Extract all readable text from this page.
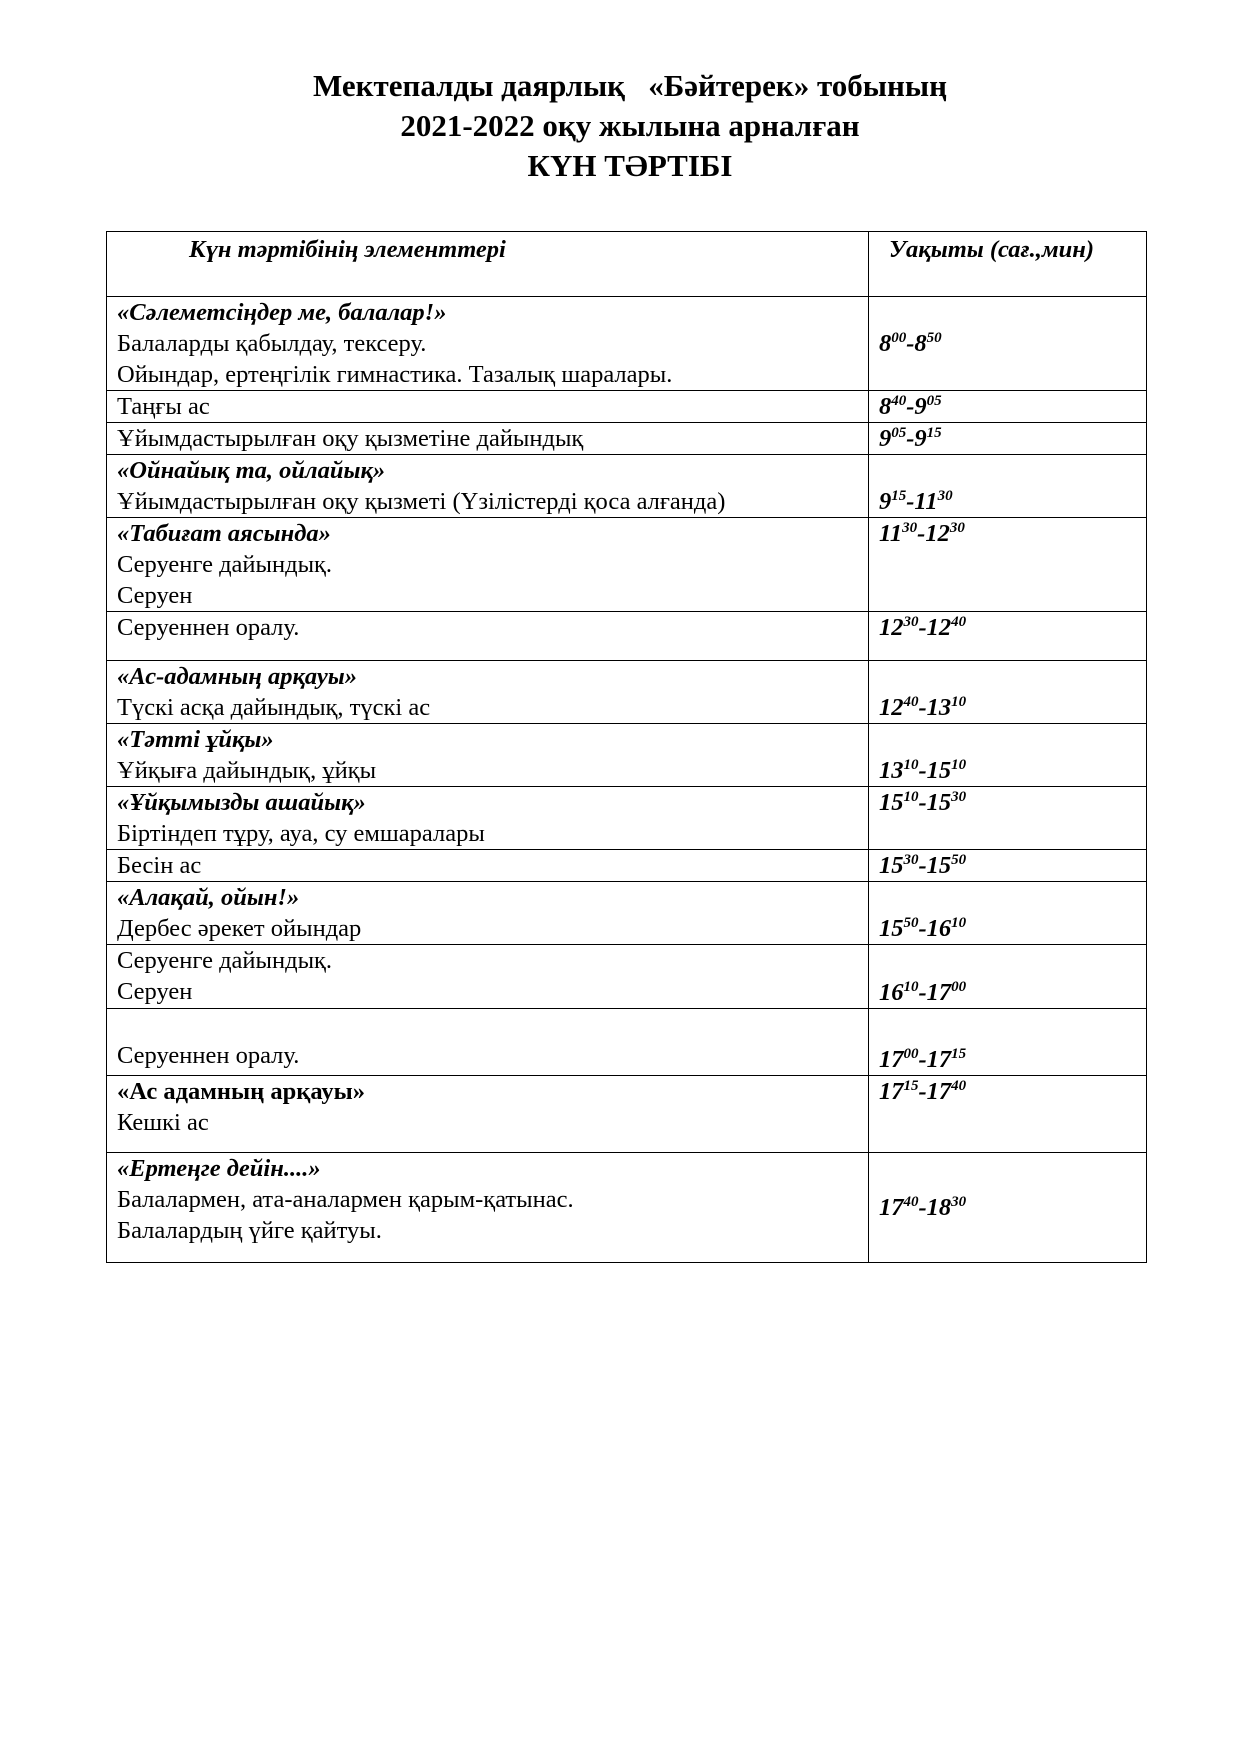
Мектепалды даярлық   «Бәйтерек» тобының
2021-2022 оқу жылына арналған
КҮН ТӘРТІБІ
Күн тәртібінің элементтері	Уақыты (сағ.,мин)

«Сәлеметсіңдер ме, балалар!»
Балаларды қабылдау, тексеру.
Ойындар, ертеңгілік гимнастика. Тазалық шаралары.	$8^{00}-8^{50}$

Таңғы ас	$8^{40}-9^{05}$

Ұйымдастырылған оқу қызметіне дайындық	$9^{05}-9^{15}$

«Ойнайық та, ойлайық»
Ұйымдастырылған оқу қызметі (Үзілістерді қоса алғанда)	$9^{15}-11^{30}$

«Табиғат аясында»
Серуенге дайындық.
Серуен	$11^{30}-12^{30}$

Серуеннен оралу.	$12^{30}-12^{40}$

«Ас-адамның арқауы»
Түскі асқа дайындық, түскі ас	$12^{40}-13^{10}$

«Тәтті ұйқы»
Ұйқыға дайындық, ұйқы	$13^{10}-15^{10}$

«Ұйқымызды ашайық»
Біртіндеп тұру, ауа, су емшаралары	$15^{10}-15^{30}$

Бесін ас	$15^{30}-15^{50}$

«Алақай, ойын!»
Дербес әрекет ойындар	$15^{50}-16^{10}$

Серуенге дайындық.
Серуен	$16^{10}-17^{00}$

Серуеннен оралу.	$17^{00}-17^{15}$

«Ас адамның арқауы»
Кешкі ас	$17^{15}-17^{40}$

«Ертеңге дейін....»
Балалармен, ата-аналармен қарым-қатынас.
Балалардың үйге қайтуы.	$17^{40}-18^{30}$
